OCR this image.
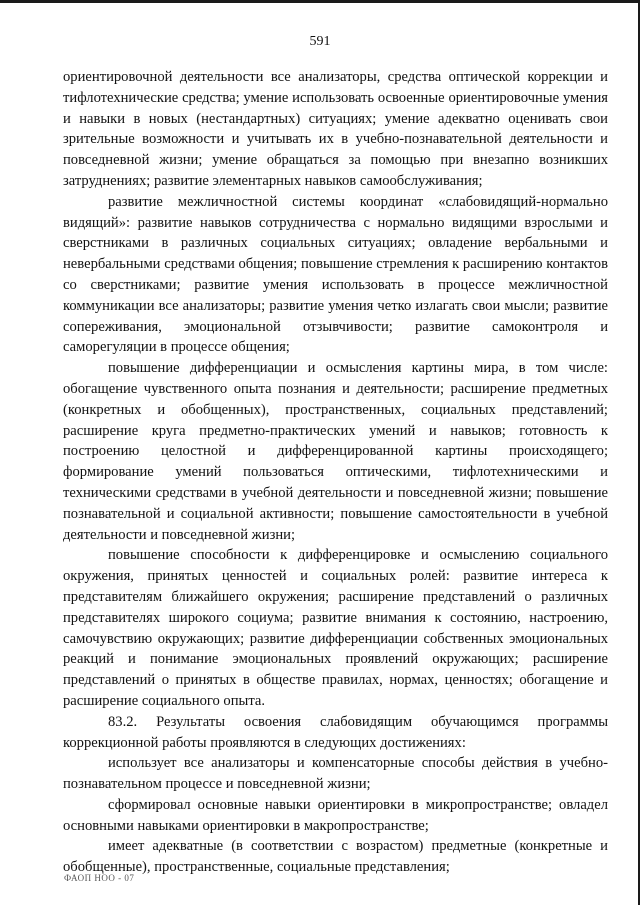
591

ориентировочной деятельности все анализаторы, средства оптической коррекции и тифлотехнические средства; умение использовать освоенные ориентировочные умения и навыки в новых (нестандартных) ситуациях; умение адекватно оценивать свои зрительные возможности и учитывать их в учебно-познавательной деятельности и повседневной жизни; умение обращаться за помощью при внезапно возникших затруднениях; развитие элементарных навыков самообслуживания;

развитие межличностной системы координат «слабовидящий-нормально видящий»: развитие навыков сотрудничества с нормально видящими взрослыми и сверстниками в различных социальных ситуациях; овладение вербальными и невербальными средствами общения; повышение стремления к расширению контактов со сверстниками; развитие умения использовать в процессе межличностной коммуникации все анализаторы; развитие умения четко излагать свои мысли; развитие сопереживания, эмоциональной отзывчивости; развитие самоконтроля и саморегуляции в процессе общения;

повышение дифференциации и осмысления картины мира, в том числе: обогащение чувственного опыта познания и деятельности; расширение предметных (конкретных и обобщенных), пространственных, социальных представлений; расширение круга предметно-практических умений и навыков; готовность к построению целостной и дифференцированной картины происходящего; формирование умений пользоваться оптическими, тифлотехническими и техническими средствами в учебной деятельности и повседневной жизни; повышение познавательной и социальной активности; повышение самостоятельности в учебной деятельности и повседневной жизни;

повышение способности к дифференцировке и осмыслению социального окружения, принятых ценностей и социальных ролей: развитие интереса к представителям ближайшего окружения; расширение представлений о различных представителях широкого социума; развитие внимания к состоянию, настроению, самочувствию окружающих; развитие дифференциации собственных эмоциональных реакций и понимание эмоциональных проявлений окружающих; расширение представлений о принятых в обществе правилах, нормах, ценностях; обогащение и расширение социального опыта.

83.2. Результаты освоения слабовидящим обучающимся программы коррекционной работы проявляются в следующих достижениях:

использует все анализаторы и компенсаторные способы действия в учебно-познавательном процессе и повседневной жизни;

сформировал основные навыки ориентировки в микропространстве; овладел основными навыками ориентировки в макропространстве;

имеет адекватные (в соответствии с возрастом) предметные (конкретные и обобщенные), пространственные, социальные представления;

ФАОП НОО - 07
